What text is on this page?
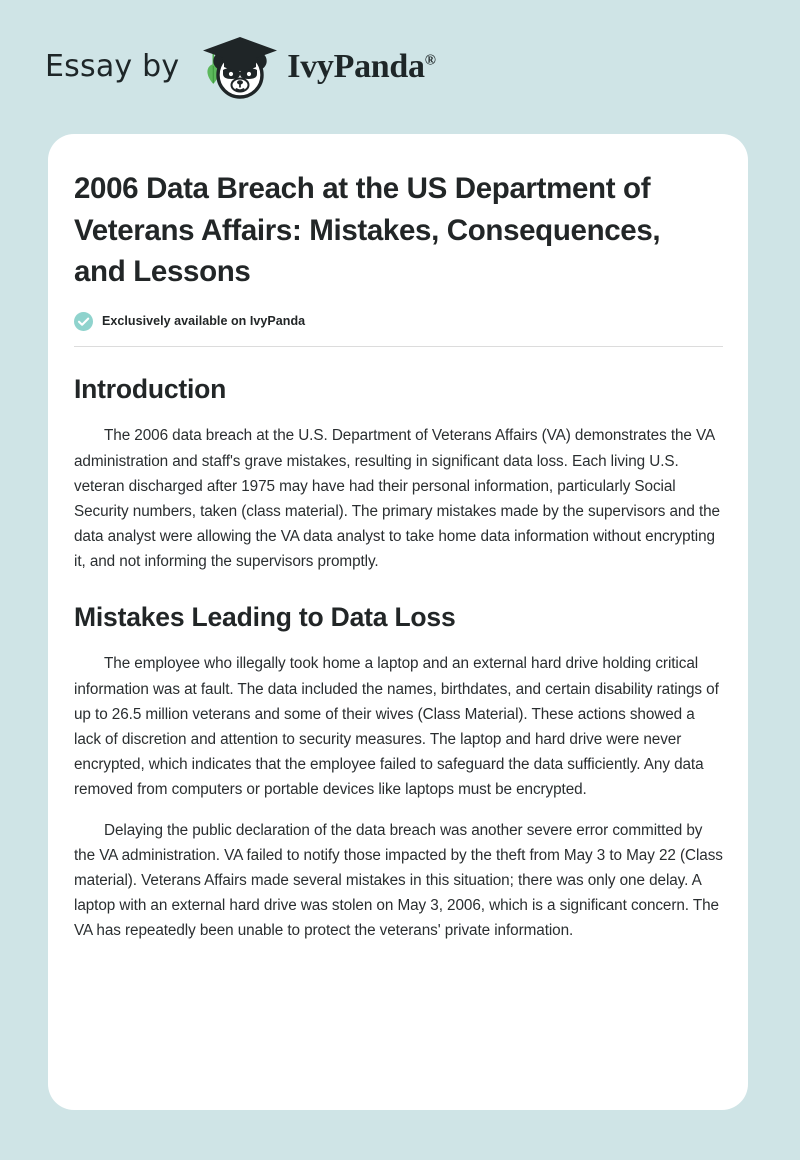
Essay by	IvyPanda®
2006 Data Breach at the US Department of Veterans Affairs: Mistakes, Consequences, and Lessons
Exclusively available on IvyPanda
Introduction

The 2006 data breach at the U.S. Department of Veterans Affairs (VA) demonstrates the VA administration and staff's grave mistakes, resulting in significant data loss. Each living U.S. veteran discharged after 1975 may have had their personal information, particularly Social Security numbers, taken (class material). The primary mistakes made by the supervisors and the data analyst were allowing the VA data analyst to take home data information without encrypting it, and not informing the supervisors promptly.

Mistakes Leading to Data Loss

The employee who illegally took home a laptop and an external hard drive holding critical information was at fault. The data included the names, birthdates, and certain disability ratings of up to 26.5 million veterans and some of their wives (Class Material). These actions showed a lack of discretion and attention to security measures. The laptop and hard drive were never encrypted, which indicates that the employee failed to safeguard the data sufficiently. Any data removed from computers or portable devices like laptops must be encrypted.

Delaying the public declaration of the data breach was another severe error committed by the VA administration. VA failed to notify those impacted by the theft from May 3 to May 22 (Class material). Veterans Affairs made several mistakes in this situation; there was only one delay. A laptop with an external hard drive was stolen on May 3, 2006, which is a significant concern. The VA has repeatedly been unable to protect the veterans' private information.
